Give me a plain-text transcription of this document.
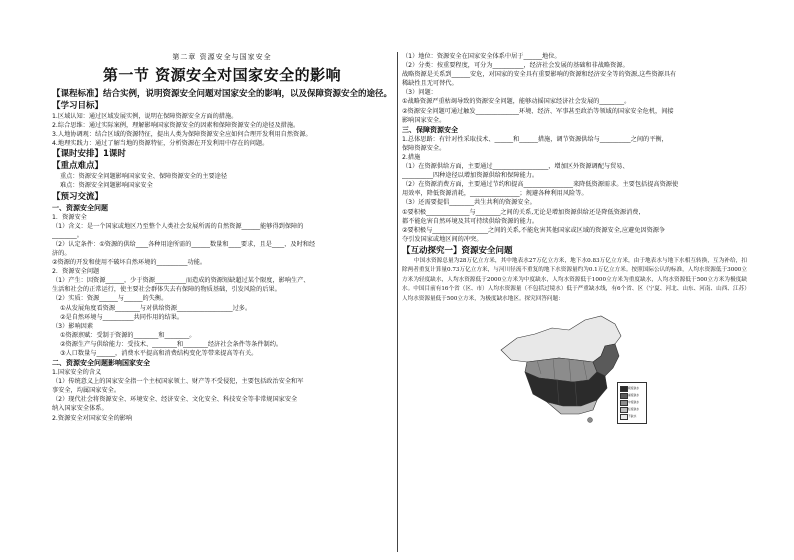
第二章 资源安全与国家安全
第一节 资源安全对国家安全的影响
【课程标准】结合实例，说明资源安全问题对国家安全的影响，以及保障资源安全的途径。
【学习目标】
1.区域认知：通过区域发展实例，说明在保障资源安全方面的措施。
2.综合思维：通过实际案例，理解影响国家资源安全的因素和保障资源安全的途径及措施。
3.人地协调观：结合区域的资源特征，提出人类为保障资源安全应如何合理开发利用自然资源。
4.地理实践力：通过了解当地的资源特征，分析资源在开发利用中存在的问题。
【课时安排】1课时
【重点难点】
重点：资源安全问题影响国家安全、保障资源安全的主要途径
难点：资源安全问题影响国家安全
【预习交流】
一、资源安全问题
1．资源安全
（1）含义：是一个国家或地区乃至整个人类社会发展所需的自然资源______能够得到保障的
________。
（2）认定条件：①资源的供给____各种用途所需的______数量和____要求，且是____、及时和经
济的。
②资源的开发和使用不破坏自然环境的__________功能。
2．资源安全问题
（1）产生：因资源______，少于资源__________而造成的资源短缺超过某个限度，影响生产、
生活和社会的正常运行，使主要社会群体失去有保障的物质基础，引发风险的后果。
（2）实质：资源______与______的失衡。
①从发展角度看资源________与对供给资源__________________过多。
②是自然环境与__________共同作用的结果。
（3）影响因素
①资源禀赋：受制于资源的________和________。
②资源生产与供给能力：受技术、________和________经济社会条件等条件制约。
③人口数量与______，消费水平提高和消费结构变化等带来提高等有关。
二、资源安全问题影响国家安全
1.国家安全的含义
（1）传统意义上的国家安全指一个主权国家领土、财产等不受侵犯，主要包括政治安全和军
事安全，均属国家安全。
（2）现代社会将资源安全、环境安全、经济安全、文化安全、科技安全等非常规国家安全
纳入国家安全体系。
2.资源安全对国家安全的影响
（1）地位：资源安全在国家安全体系中居于______地位。
（2）分类：按重要程度，可分为__________，经济社会发展的基础和非战略资源。
战略资源是关系到______安危，对国家的安全具有重要影响的资源和经济安全等的资源,这些资源具有
稀缺性且无可替代。
（3）问题：
①战略资源严重枯竭导致的资源安全问题，能够动摇国家经济社会发展的________。
②资源安全问题可通过触发______________环境、经济、军事甚至政治等领域的国家安全危机，间接
影响国家安全。
三、保障资源安全
1.总体思路：有针对性采取技术、______和______措施，调节资源供给与__________之间的平衡，
保障资源安全。
2.措施
（1）在资源供给方面，主要通过__________________，增加区外资源调配与贸易、
__________四种途径以增加资源供给和保障能力。
（2）在资源消费方面，主要通过节约和提高________________来降低资源需求。主要包括提高资源使
用效率，降低资源消耗，________________；规避各种利用风险等。
（3）还需要提倡________共生共利的资源安全。
①要积极______________与________之间的关系,无论是增加资源供给还是降低资源消费,
都不能危害自然环境及其可持续供给资源的能力。
②要积极与__________________之间的关系,不能危害其他国家或区域的资源安全,应避免因资源争
夺引发国家或地区间的冲突。
【互动探究一】资源安全问题

中国水资源总量为28万亿立方米，其中地表水27万亿立方米，地下水0.83万亿立方米，由于地表水与地下水相互转换，互为补给，扣除两者重复计算量0.73万亿立方米，与河川径流不重复的地下水资源量约为0.1万亿立方米。按照国际公认的标准，人均水资源低于3000立方米为轻度缺水，人均水资源低于2000立方米为中度缺水，人均水资源低于1000立方米为重度缺水，人均水资源低于500立方米为极度缺水。中国目前有16个省（区、市）人均水资源量（不包括过境水）低于严重缺水线，有6个省、区（宁夏、河北、山东、河南、山西、江苏）人均水资源量低于500立方米，为极度缺水地区。探究回答问题：

极度缺水
重度缺水
中度缺水
轻度缺水
不缺水
